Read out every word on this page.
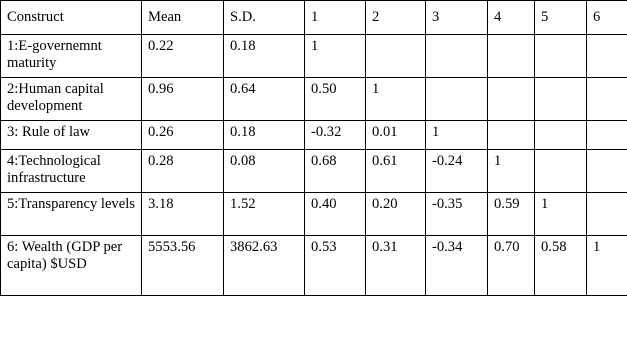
Construct	Mean	S.D.	1	2	3	4	5	6
1:E-governemnt maturity	0.22	0.18	1					
2:Human capital development	0.96	0.64	0.50	1				
3: Rule of law	0.26	0.18	-0.32	0.01	1			
4:Technological infrastructure	0.28	0.08	0.68	0.61	-0.24	1		
5:Transparency levels	3.18	1.52	0.40	0.20	-0.35	0.59	1	
6: Wealth (GDP per capita) $USD	5553.56	3862.63	0.53	0.31	-0.34	0.70	0.58	1
